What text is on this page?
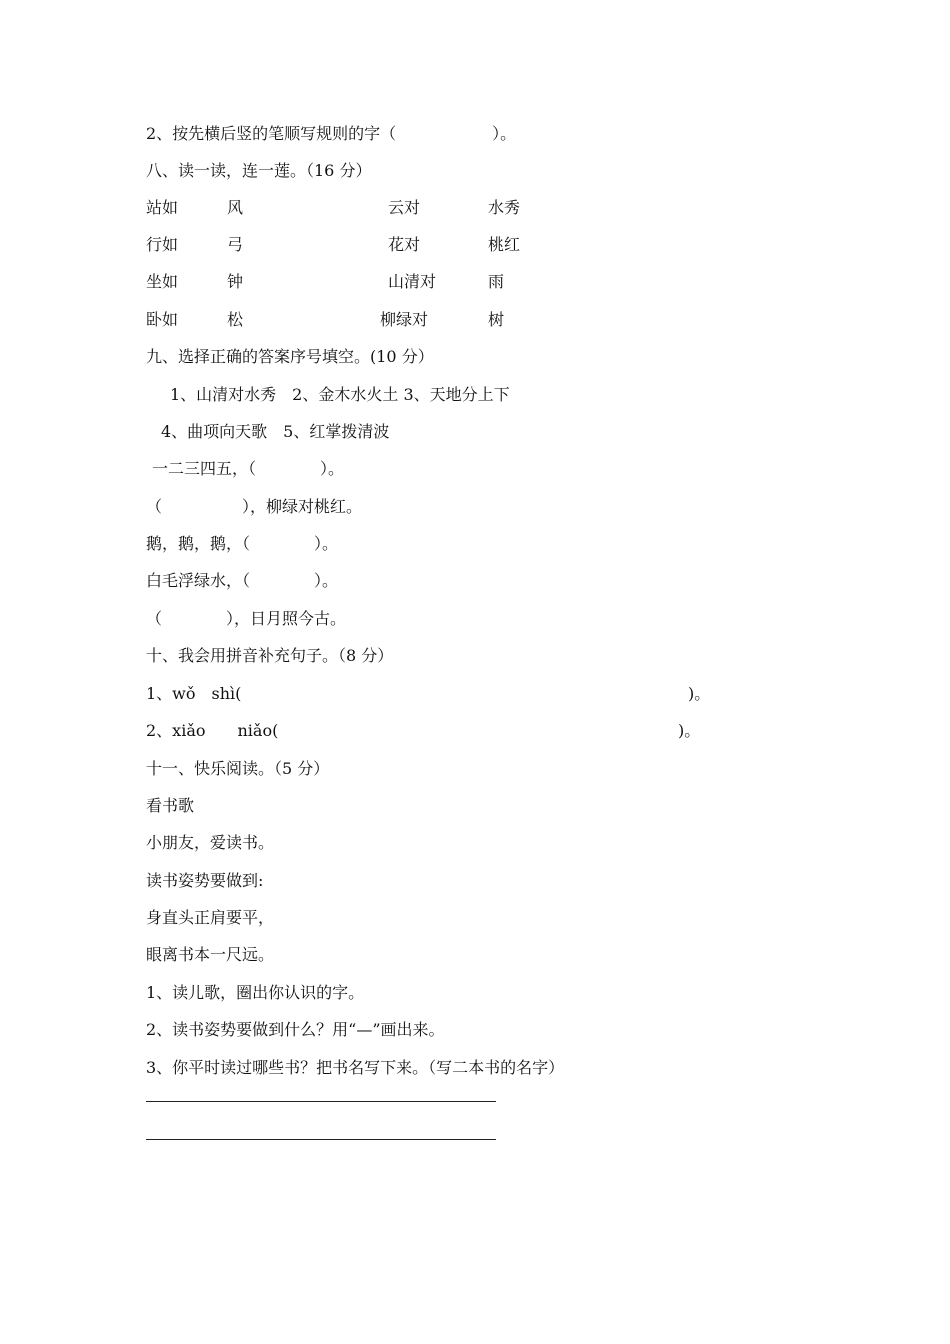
2、按先横后竖的笔顺写规则的字（　　　　　　）。
八、读一读，连一莲。（16 分）
站如	风	云对	水秀
行如	弓	花对	桃红
坐如	钟	山清对	雨
卧如	松	柳绿对	树
九、选择正确的答案序号填空。(10 分）
1、山清对水秀　2、金木水火土 3、天地分上下
4、曲项向天歌　5、红掌拨清波
一二三四五，（　　　　）。
（　　　　　），柳绿对桃红。
鹅，鹅，鹅，（　　　　）。
白毛浮绿水，（　　　　）。
（　　　　），日月照今古。
十、我会用拼音补充句子。（8 分）
1、wǒ　shì(	)。
2、xiǎo　　niǎo(	)。
十一、快乐阅读。（5 分）
看书歌
小朋友，爱读书。
读书姿势要做到:
身直头正肩要平，
眼离书本一尺远。
1、读儿歌，圈出你认识的字。
2、读书姿势要做到什么？用“—”画出来。
3、你平时读过哪些书？把书名写下来。（写二本书的名字）
